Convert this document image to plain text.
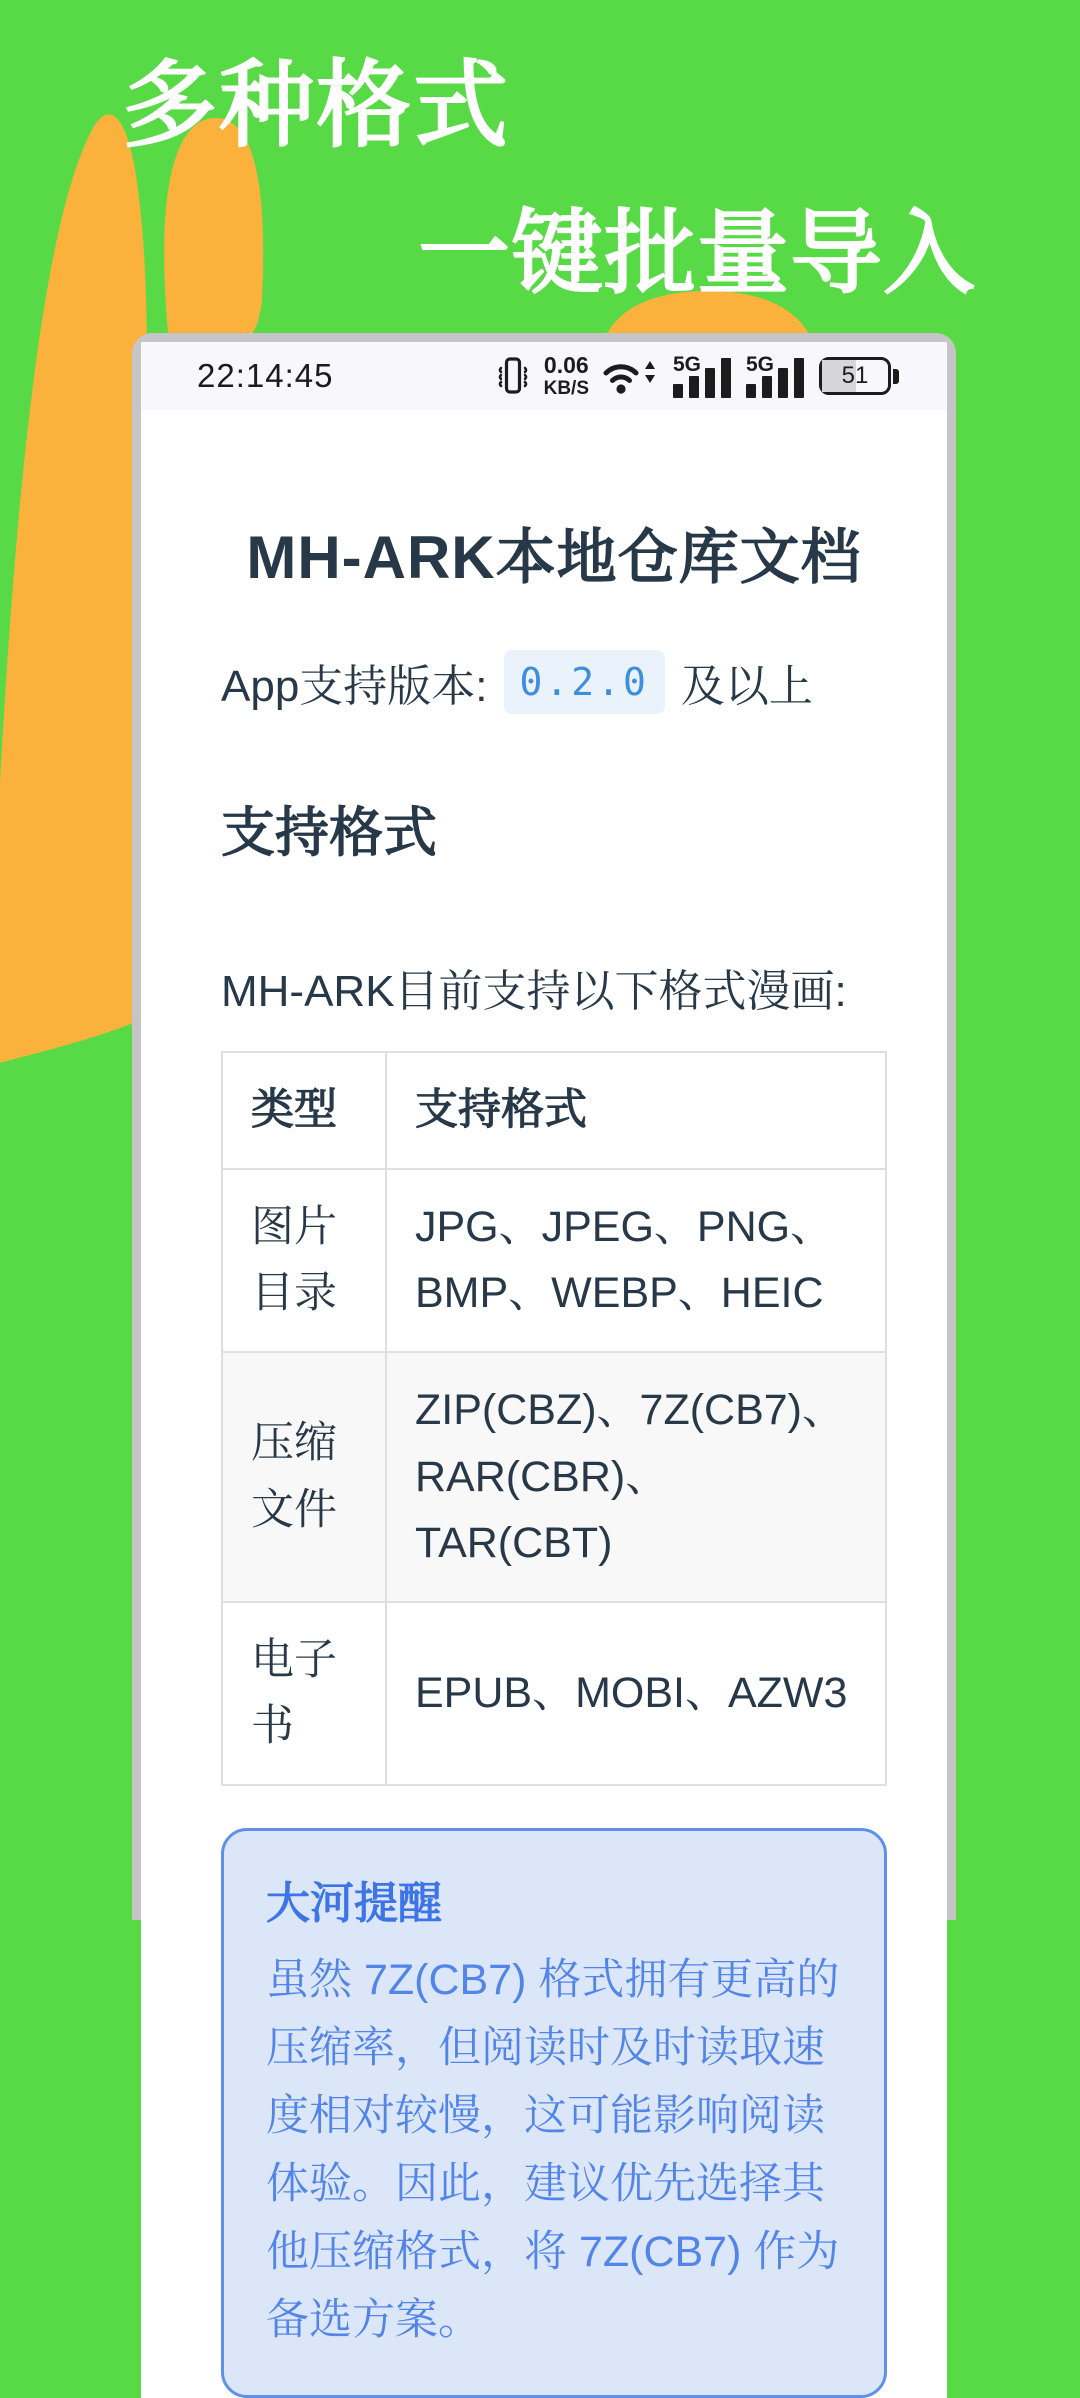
多种格式
一键批量导入
22:14:45	0.06
KB/S
5G 5G	51
MH-ARK本地仓库文档

App支持版本: 0.2.0 及以上

支持格式

MH-ARK目前支持以下格式漫画:

类型	支持格式
图片目录	JPG、JPEG、PNG、BMP、WEBP、HEIC
压缩文件	ZIP(CBZ)、7Z(CB7)、RAR(CBR)、TAR(CBT)
电子书	EPUB、MOBI、AZW3

大河提醒

虽然 7Z(CB7) 格式拥有更高的压缩率，但阅读时及时读取速度相对较慢，这可能影响阅读体验。因此，建议优先选择其他压缩格式，将 7Z(CB7) 作为备选方案。
